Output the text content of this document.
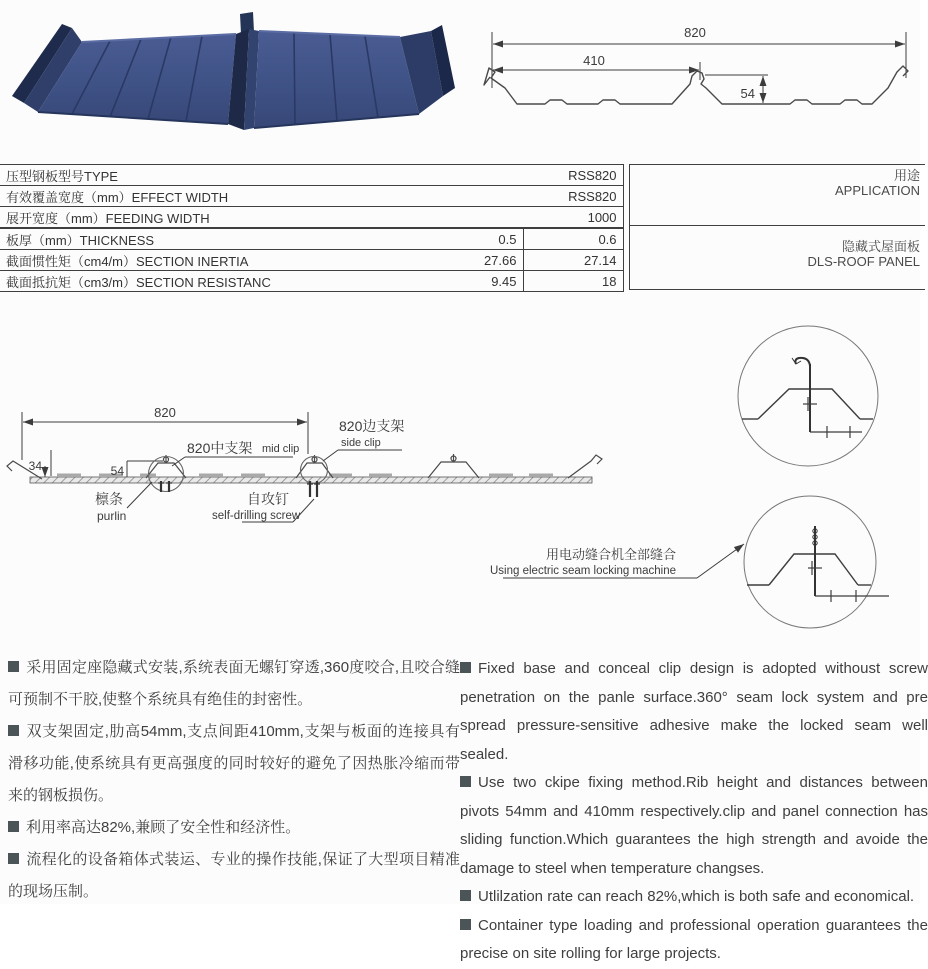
820
410
54
压型钢板型号TYPE	RSS820	
有效覆盖宽度（mm）EFFECT WIDTH	RSS820	
展开宽度（mm）FEEDING WIDTH	1000	
板厚（mm）THICKNESS	0.5	0.6
截面惯性矩（cm4/m）SECTION INERTIA	27.66	27.14
截面抵抗矩（cm3/m）SECTION RESISTANC	9.45	18
用途
APPLICATION
隐藏式屋面板
DLS-ROOF PANEL
820
34	54
820中支架 mid clip
820边支架
side clip
檩条
purlin
自攻钉
self-drilling screw
用电动缝合机全部缝合
Using electric seam locking machine

采用固定座隐藏式安装,系统表面无螺钉穿透,360度咬合,且咬合缝可预制不干胶,使整个系统具有绝佳的封密性。

双支架固定,肋高54mm,支点间距410mm,支架与板面的连接具有滑移功能,使系统具有更高强度的同时较好的避免了因热胀冷缩而带来的钢板损伤。

利用率高达82%,兼顾了安全性和经济性。

流程化的设备箱体式装运、专业的操作技能,保证了大型项目精准的现场压制。

Fixed base and conceal clip design is adopted withoust screw penetration on the panle surface.360° seam lock system and pre spread pressure-sensitive adhesive make the locked seam well sealed.

Use two ckipe fixing method.Rib height and distances between pivots 54mm and 410mm respectively.clip and panel connection has sliding function.Which guarantees the high strength and avoide the damage to steel when temperature changses.

Utlilzation rate can reach 82%,which is both safe and economical.

Container type loading and professional operation guarantees the precise on site rolling for large projects.
